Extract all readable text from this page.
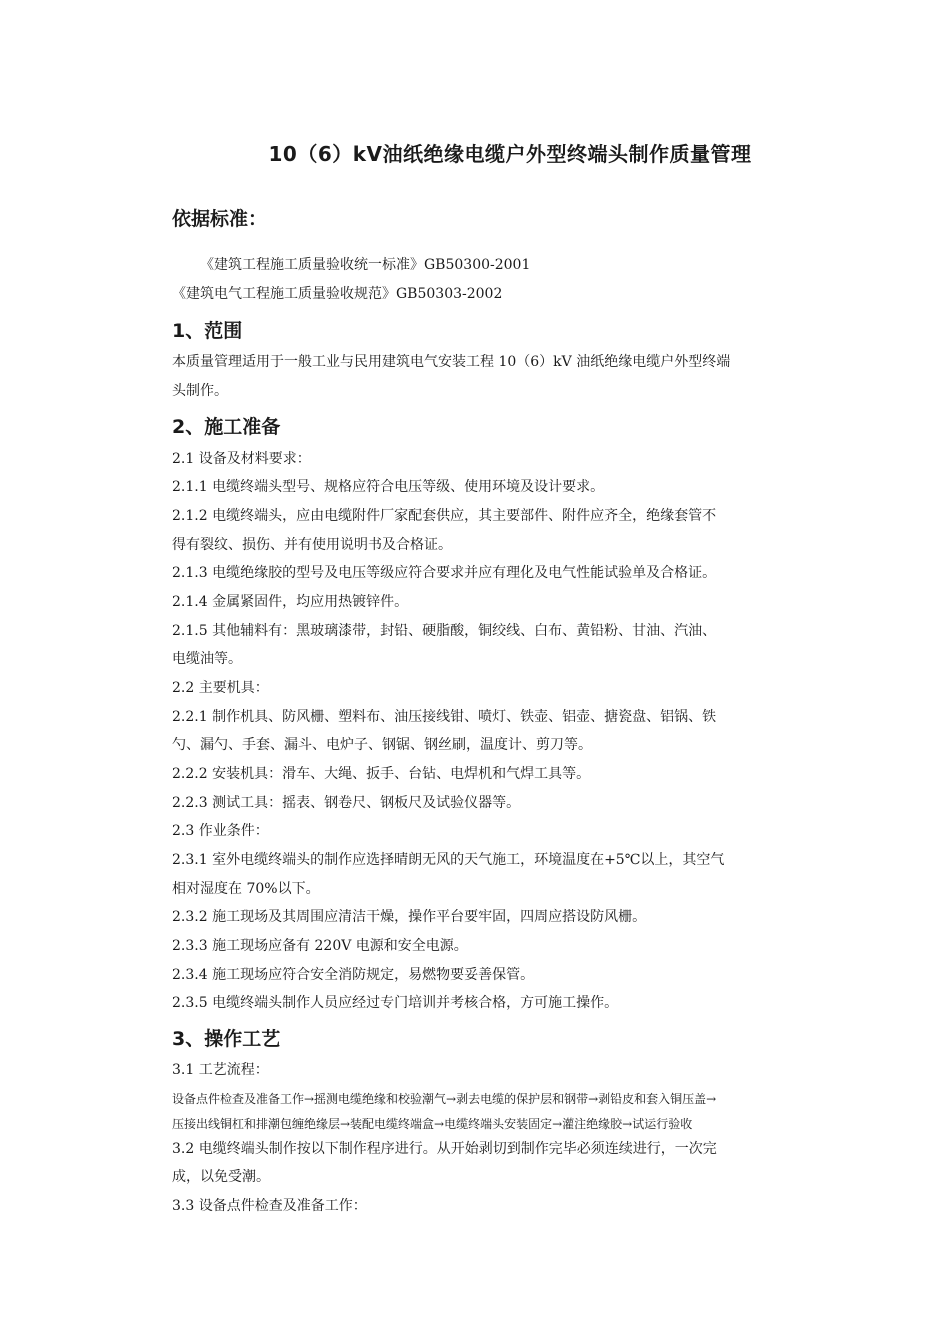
10（6）kV油纸绝缘电缆户外型终端头制作质量管理
依据标准：
《建筑工程施工质量验收统一标准》GB50300-2001
《建筑电气工程施工质量验收规范》GB50303-2002
1、范围
本质量管理适用于一般工业与民用建筑电气安装工程 10（6）kV 油纸绝缘电缆户外型终端
头制作。
2、施工准备
2.1 设备及材料要求：
2.1.1 电缆终端头型号、规格应符合电压等级、使用环境及设计要求。
2.1.2 电缆终端头，应由电缆附件厂家配套供应，其主要部件、附件应齐全，绝缘套管不
得有裂纹、损伤、并有使用说明书及合格证。
2.1.3 电缆绝缘胶的型号及电压等级应符合要求并应有理化及电气性能试验单及合格证。
2.1.4 金属紧固件，均应用热镀锌件。
2.1.5 其他辅料有：黑玻璃漆带，封铅、硬脂酸，铜绞线、白布、黄铅粉、甘油、汽油、
电缆油等。
2.2 主要机具：
2.2.1 制作机具、防风栅、塑料布、油压接线钳、喷灯、铁壶、铝壶、搪瓷盘、铝锅、铁
勺、漏勺、手套、漏斗、电炉子、钢锯、钢丝刷，温度计、剪刀等。
2.2.2 安装机具：滑车、大绳、扳手、台钻、电焊机和气焊工具等。
2.2.3 测试工具：摇表、钢卷尺、钢板尺及试验仪器等。
2.3 作业条件：
2.3.1 室外电缆终端头的制作应选择晴朗无风的天气施工，环境温度在+5℃以上，其空气
相对湿度在 70%以下。
2.3.2 施工现场及其周围应清洁干燥，操作平台要牢固，四周应搭设防风栅。
2.3.3 施工现场应备有 220V 电源和安全电源。
2.3.4 施工现场应符合安全消防规定，易燃物要妥善保管。
2.3.5 电缆终端头制作人员应经过专门培训并考核合格，方可施工操作。
3、操作工艺
3.1 工艺流程：
设备点件检查及准备工作→摇测电缆绝缘和校验潮气→剥去电缆的保护层和钢带→剥铅皮和套入铜压盖→
压接出线铜杠和排潮包缠绝缘层→装配电缆终端盒→电缆终端头安装固定→灌注绝缘胶→试运行验收
3.2 电缆终端头制作按以下制作程序进行。从开始剥切到制作完毕必须连续进行，一次完
成，以免受潮。
3.3 设备点件检查及准备工作：
